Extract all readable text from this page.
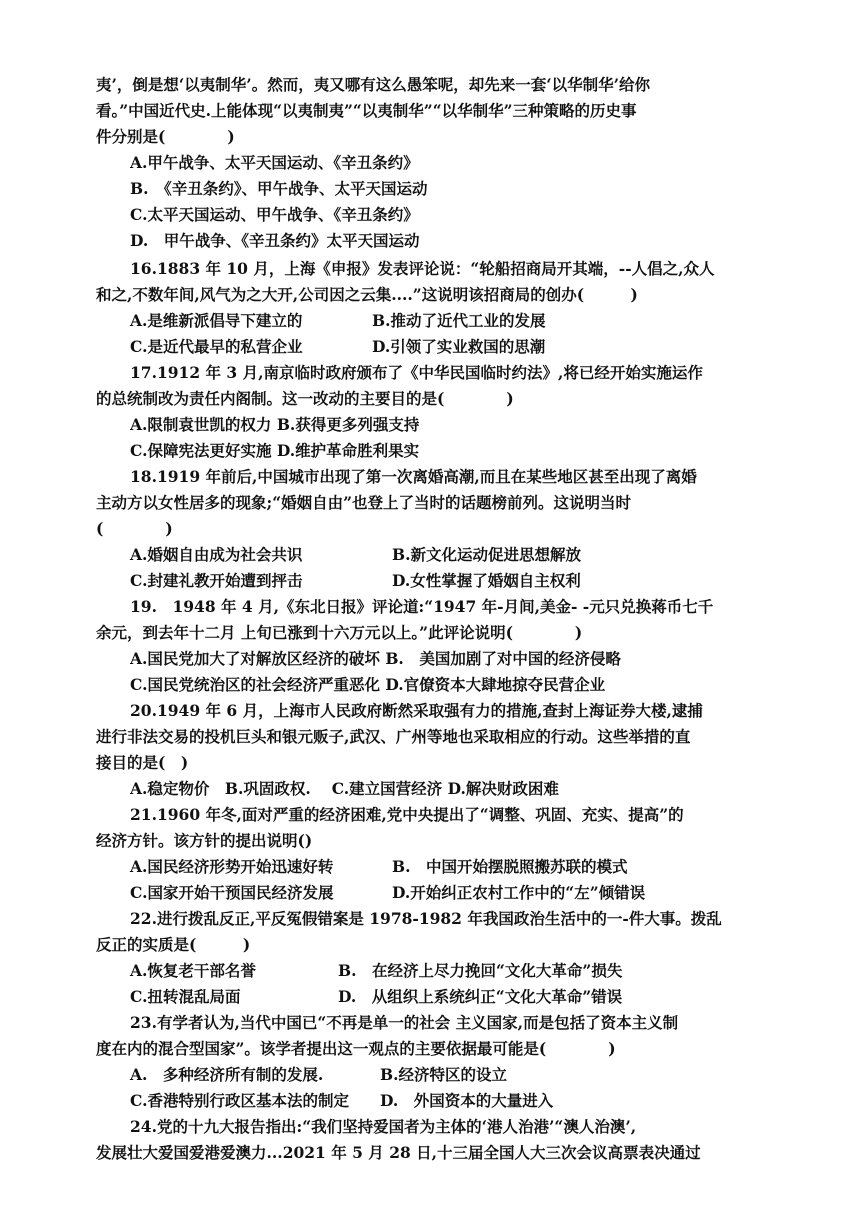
夷’，倒是想‘以夷制华’。然而，夷又哪有这么愚笨呢，却先来一套‘以华制华’给你
看。”中国近代史.上能体现“以夷制夷”“以夷制华”“以华制华”三种策略的历史事
件分别是(　　　　)
A.甲午战争、太平天国运动、《辛丑条约》
B.　《辛丑条约》、甲午战争、太平天国运动
C.太平天国运动、甲午战争、《辛丑条约》
D.　甲午战争、《辛丑条约》太平天国运动
16.1883 年 10 月，上海《申报》发表评论说：“轮船招商局开其端，--人倡之,众人
和之,不数年间,风气为之大开,公司因之云集....”这说明该招商局的创办(　　　)
A.是维新派倡导下建立的	B.推动了近代工业的发展
C.是近代最早的私营企业	D.引领了实业救国的思潮
17.1912 年 3 月,南京临时政府颁布了《中华民国临时约法》,将已经开始实施运作
的总统制改为责任内阁制。这一改动的主要目的是(　　　　)
A.限制袁世凯的权力 B.获得更多列强支持
C.保障宪法更好实施 D.维护革命胜利果实
18.1919 年前后,中国城市出现了第一次离婚高潮,而且在某些地区甚至出现了离婚
主动方以女性居多的现象;“婚姻自由”也登上了当时的话题榜前列。这说明当时
(　　　　)
A.婚姻自由成为社会共识	B.新文化运动促进思想解放
C.封建礼教开始遭到抨击	D.女性掌握了婚姻自主权利
19.　1948 年 4 月,《东北日报》评论道:“1947 年-月间,美金- -元只兑换蒋币七千
余元，到去年十二月 上旬已涨到十六万元以上。”此评论说明(　　　　)
A.国民党加大了对解放区经济的破坏 B.　美国加剧了对中国的经济侵略
C.国民党统治区的社会经济严重恶化 D.官僚资本大肆地掠夺民营企业
20.1949 年 6 月，上海市人民政府断然采取强有力的措施,查封上海证券大楼,逮捕
进行非法交易的投机巨头和银元贩子,武汉、广州等地也采取相应的行动。这些举措的直
接目的是(　)
A.稳定物价　B.巩固政权.　 C.建立国营经济 D.解决财政困难
21.1960 年冬,面对严重的经济困难,党中央提出了“调整、巩固、充实、提高”的
经济方针。该方针的提出说明()
A.国民经济形势开始迅速好转	B.　中国开始摆脱照搬苏联的模式
C.国家开始干预国民经济发展	D.开始纠正农村工作中的“左”倾错误
22.进行拨乱反正,平反冤假错案是 1978-1982 年我国政治生活中的一-件大事。拨乱
反正的实质是(　　　)
A.恢复老干部名誉	B.　在经济上尽力挽回“文化大革命”损失
C.扭转混乱局面	D.　从组织上系统纠正“文化大革命”错误
23.有学者认为,当代中国已“不再是单一的社会 主义国家,而是包括了资本主义制
度在内的混合型国家”。该学者提出这一观点的主要依据最可能是(　　　　)
A.　多种经济所有制的发展.	B.经济特区的设立
C.香港特别行政区基本法的制定 D.　外国资本的大量进入
24.党的十九大报告指出:“我们坚持爱国者为主体的‘港人治港’“澳人治澳’,
发展壮大爱国爱港爱澳力...2021 年 5 月 28 日,十三届全国人大三次会议高票表决通过
